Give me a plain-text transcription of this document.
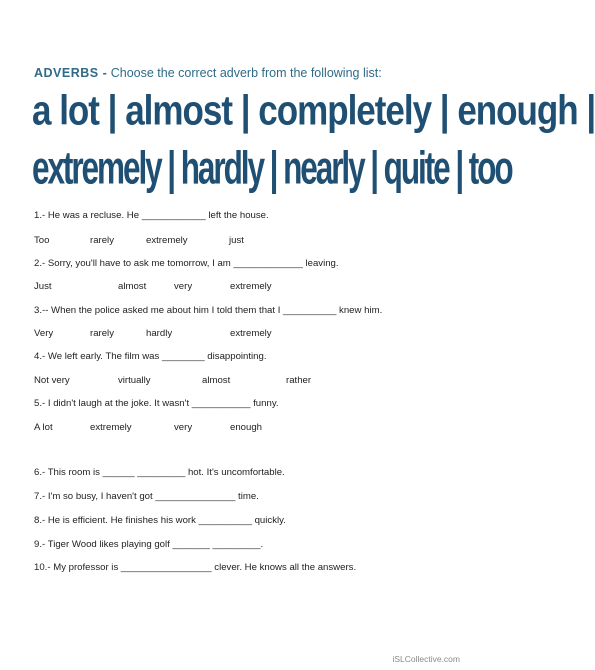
ADVERBS - Choose the correct adverb from the following list:
a lot | almost | completely | enough |
extremely | hardly | nearly | quite | too
1.- He was a recluse. He ____________ left the house.
Too	rarely	extremely	just
2.- Sorry, you'll have to ask me tomorrow, I am _____________ leaving.
Just	almost	very	extremely
3.-- When the police asked me about him I told them that I __________ knew him.
Very	rarely	hardly	extremely
4.- We left early. The film was ________ disappointing.
Not very	virtually	almost	rather
5.- I didn't laugh at the joke. It wasn't ___________ funny.
A lot	extremely	very	enough
6.- This room is ______ _________ hot. It's uncomfortable.
7.- I'm so busy, I haven't got _______________ time.
8.- He is efficient. He finishes his work __________ quickly.
9.- Tiger Wood likes playing golf _______ _________.
10.- My professor is _________________ clever. He knows all the answers.
iSLCollective.com
